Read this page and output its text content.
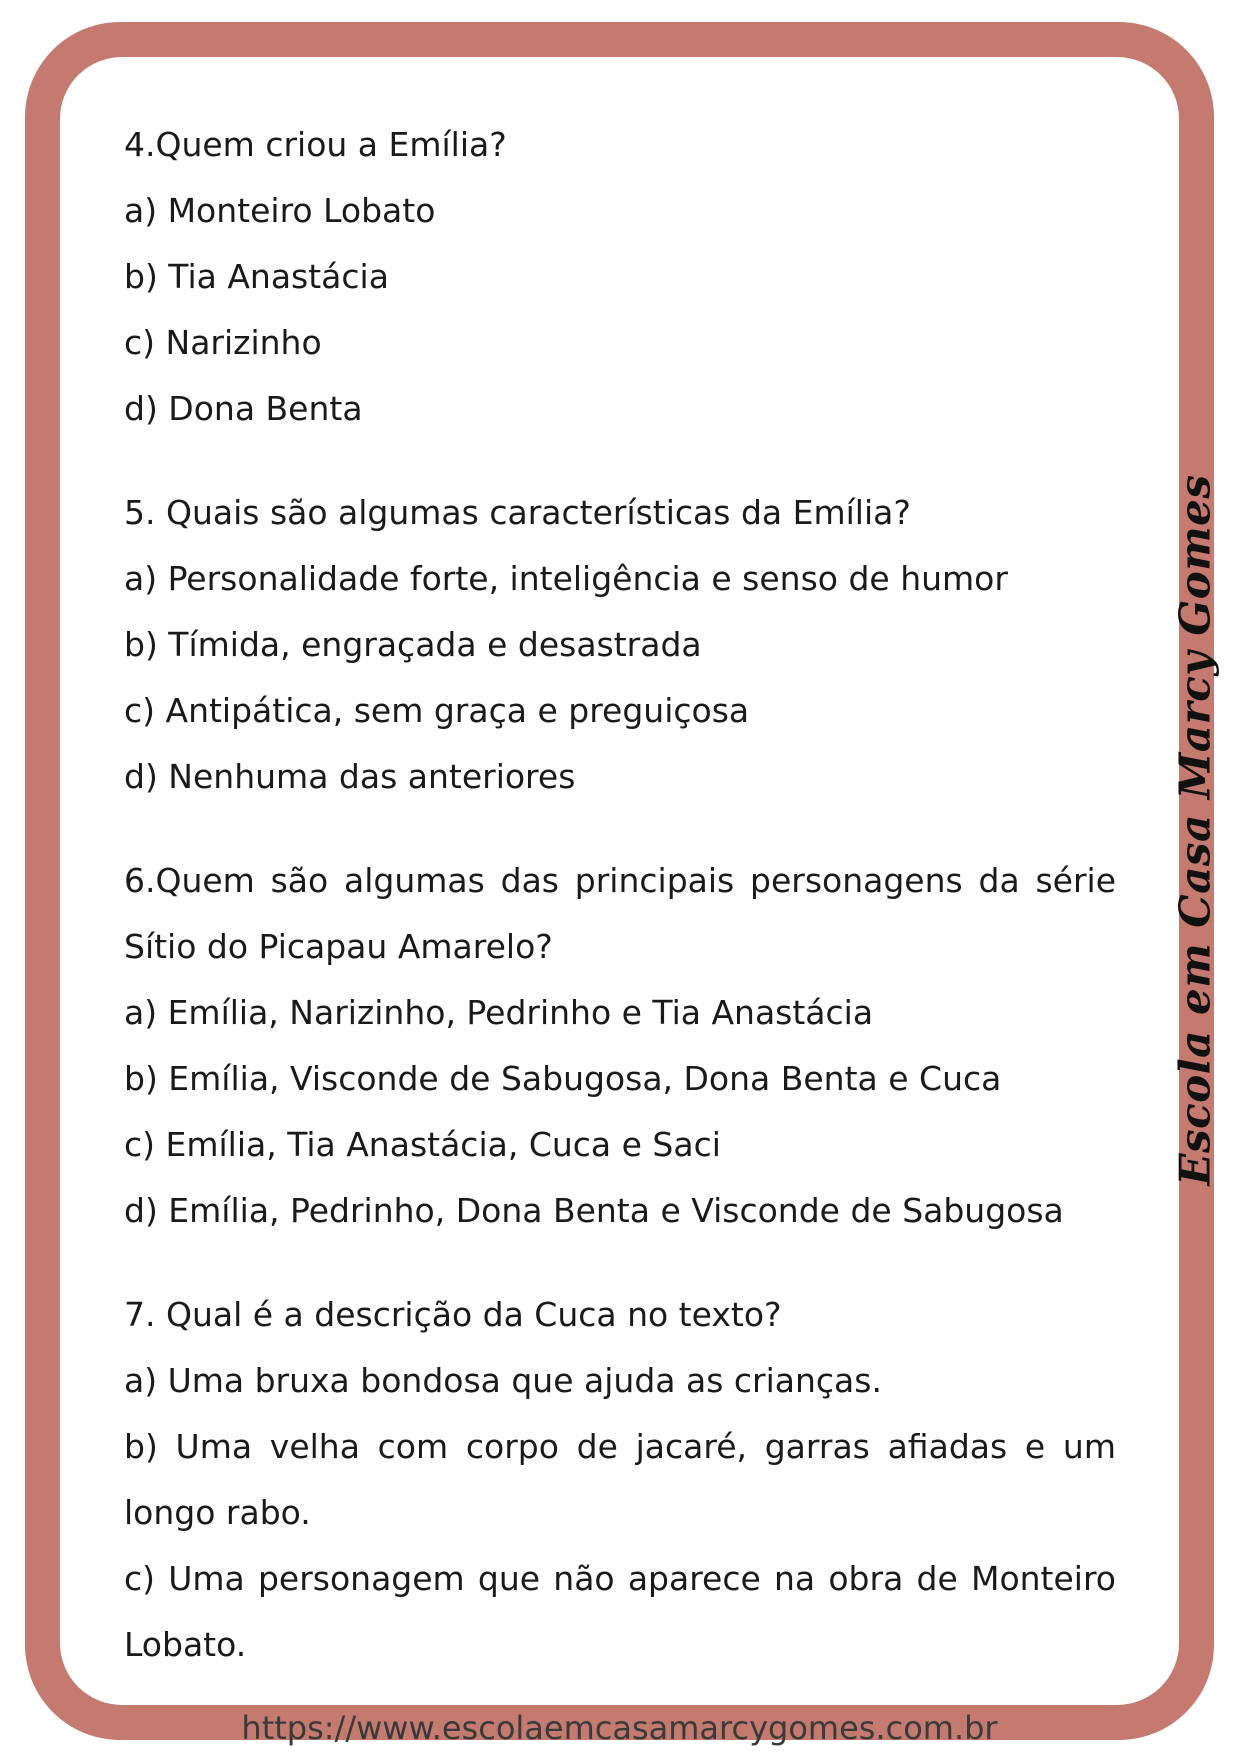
4.Quem criou a Emília?
a) Monteiro Lobato
b) Tia Anastácia
c) Narizinho
d) Dona Benta
5. Quais são algumas características da Emília?
a) Personalidade forte, inteligência e senso de humor
b) Tímida, engraçada e desastrada
c) Antipática, sem graça e preguiçosa
d) Nenhuma das anteriores
6.Quem são algumas das principais personagens da série
Sítio do Picapau Amarelo?
a) Emília, Narizinho, Pedrinho e Tia Anastácia
b) Emília, Visconde de Sabugosa, Dona Benta e Cuca
c) Emília, Tia Anastácia, Cuca e Saci
d) Emília, Pedrinho, Dona Benta e Visconde de Sabugosa
7. Qual é a descrição da Cuca no texto?
a) Uma bruxa bondosa que ajuda as crianças.
b) Uma velha com corpo de jacaré, garras afiadas e um
longo rabo.
c) Uma personagem que não aparece na obra de Monteiro
Lobato.
Escola em Casa Marcy Gomes
https://www.escolaemcasamarcygomes.com.br
